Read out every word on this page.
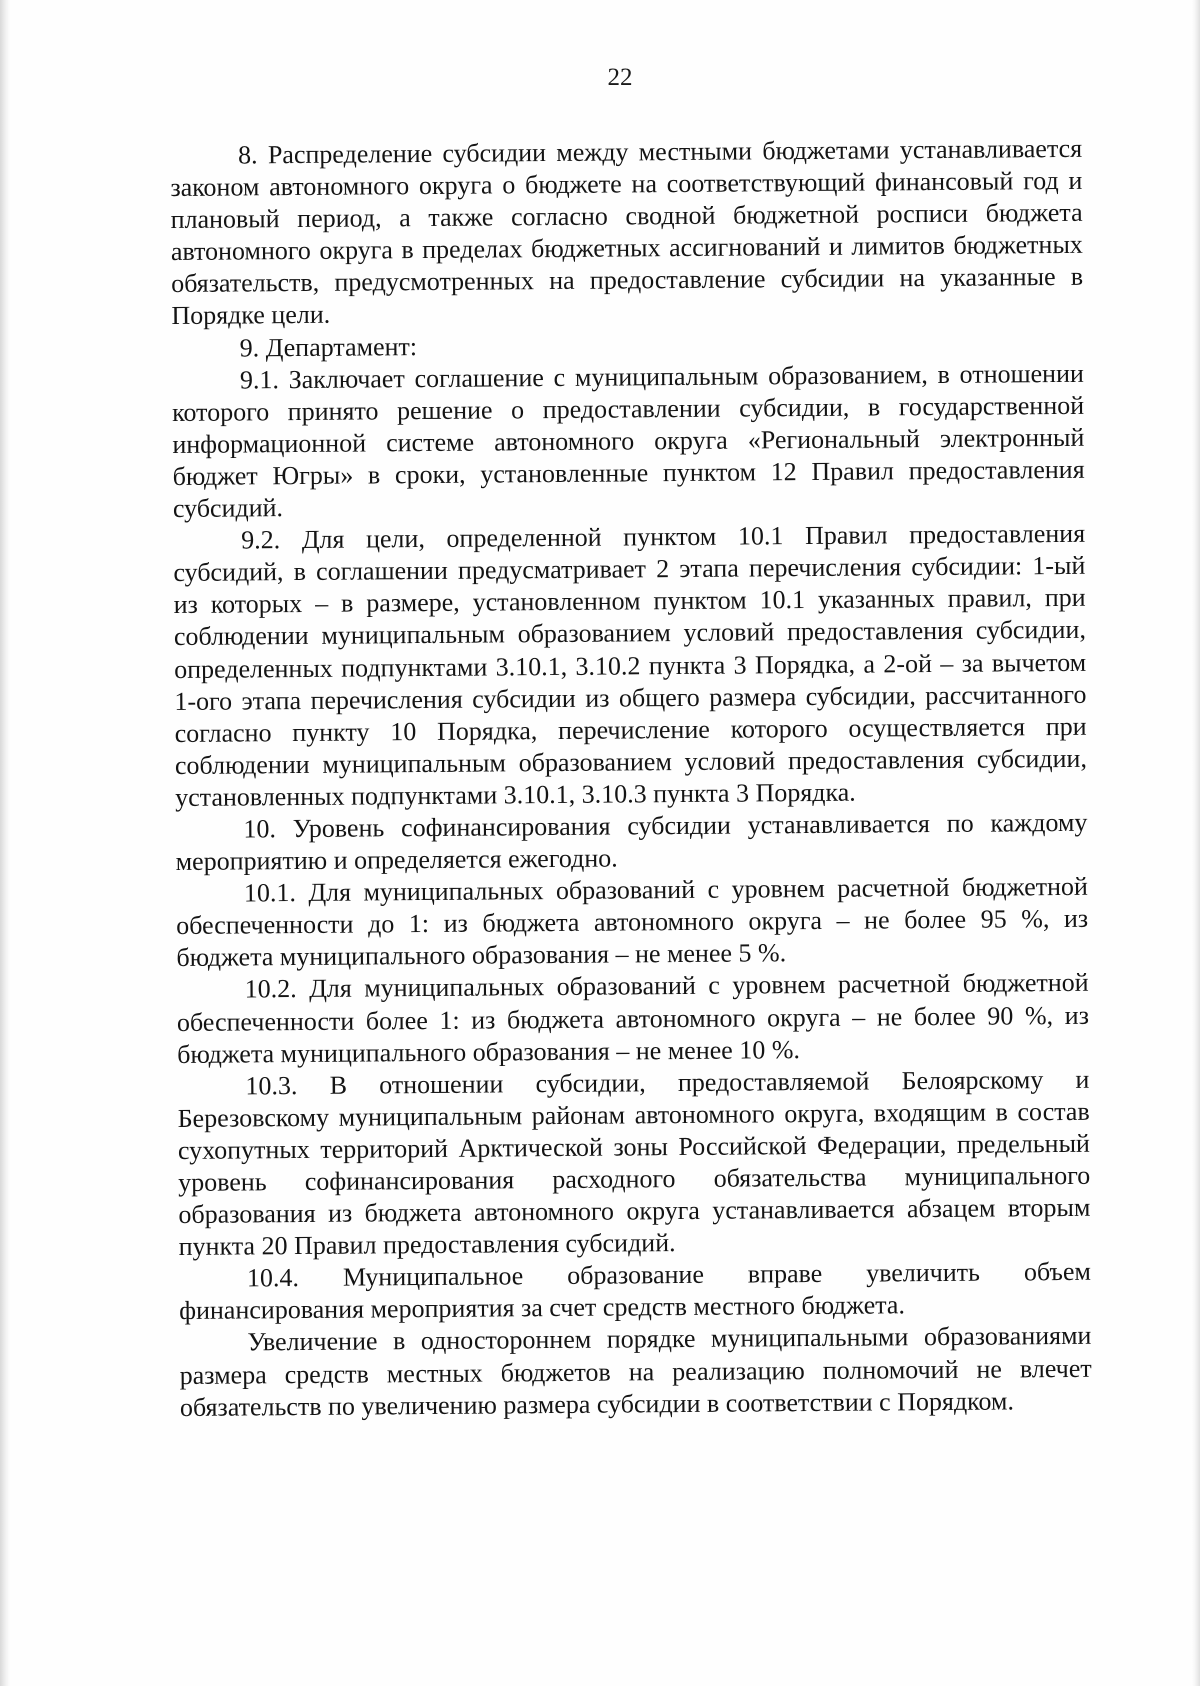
22

8. Распределение субсидии между местными бюджетами устанавливается законом автономного округа о бюджете на соответствующий финансовый год и плановый период, а также согласно сводной бюджетной росписи бюджета автономного округа в пределах бюджетных ассигнований и лимитов бюджетных обязательств, предусмотренных на предоставление субсидии на указанные в Порядке цели.

9. Департамент:

9.1. Заключает соглашение с муниципальным образованием, в отношении которого принято решение о предоставлении субсидии, в государственной информационной системе автономного округа «Региональный электронный бюджет Югры» в сроки, установленные пунктом 12 Правил предоставления субсидий.

9.2. Для цели, определенной пунктом 10.1 Правил предоставления субсидий, в соглашении предусматривает 2 этапа перечисления субсидии: 1-ый из которых – в размере, установленном пунктом 10.1 указанных правил, при соблюдении муниципальным образованием условий предоставления субсидии, определенных подпунктами 3.10.1, 3.10.2 пункта 3 Порядка, а 2-ой – за вычетом 1-ого этапа перечисления субсидии из общего размера субсидии, рассчитанного согласно пункту 10 Порядка, перечисление которого осуществляется при соблюдении муниципальным образованием условий предоставления субсидии, установленных подпунктами 3.10.1, 3.10.3 пункта 3 Порядка.

10. Уровень софинансирования субсидии устанавливается по каждому мероприятию и определяется ежегодно.

10.1. Для муниципальных образований с уровнем расчетной бюджетной обеспеченности до 1: из бюджета автономного округа – не более 95 %, из бюджета муниципального образования – не менее 5 %.

10.2. Для муниципальных образований с уровнем расчетной бюджетной обеспеченности более 1: из бюджета автономного округа – не более 90 %, из бюджета муниципального образования – не менее 10 %.

10.3. В отношении субсидии, предоставляемой Белоярскому и Березовскому муниципальным районам автономного округа, входящим в состав сухопутных территорий Арктической зоны Российской Федерации, предельный уровень софинансирования расходного обязательства муниципального образования из бюджета автономного округа устанавливается абзацем вторым пункта 20 Правил предоставления субсидий.

10.4. Муниципальное образование вправе увеличить объем финансирования мероприятия за счет средств местного бюджета.

Увеличение в одностороннем порядке муниципальными образованиями размера средств местных бюджетов на реализацию полномочий не влечет обязательств по увеличению размера субсидии в соответствии с Порядком.
